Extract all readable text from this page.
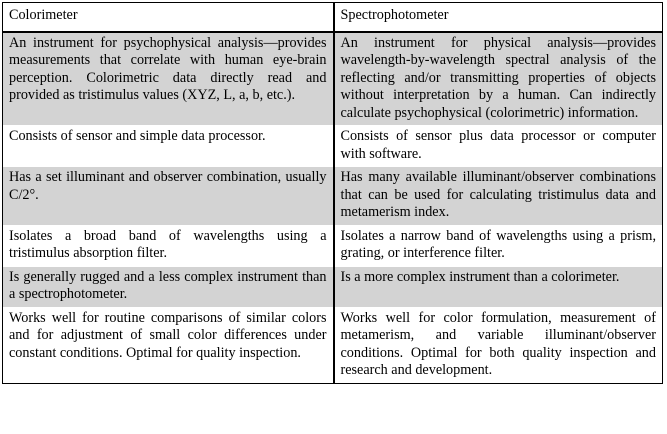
Colorimeter	Spectrophotometer
An instrument for psychophysical analysis—provides measurements that correlate with human eye-brain perception. Colorimetric data directly read and provided as tristimulus values (XYZ, L, a, b, etc.).	An instrument for physical analysis—provides wavelength-by-wavelength spectral analysis of the reflecting and/or transmitting properties of objects without interpretation by a human. Can indirectly calculate psychophysical (colorimetric) information.
Consists of sensor and simple data processor.	Consists of sensor plus data processor or computer with software.
Has a set illuminant and observer combination, usually C/2°.	Has many available illuminant/observer combinations that can be used for calculating tristimulus data and metamerism index.
Isolates a broad band of wavelengths using a tristimulus absorption filter.	Isolates a narrow band of wavelengths using a prism, grating, or interference filter.
Is generally rugged and a less complex instrument than a spectrophotometer.	Is a more complex instrument than a colorimeter.
Works well for routine comparisons of similar colors and for adjustment of small color differences under constant conditions. Optimal for quality inspection.	Works well for color formulation, measurement of metamerism, and variable illuminant/observer conditions. Optimal for both quality inspection and research and development.
